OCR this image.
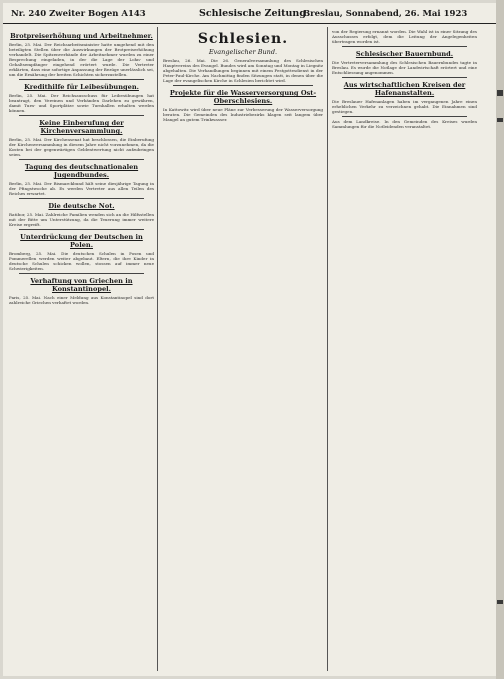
Nr. 240 Zweiter Bogen A143	Schlesische Zeitung
Breslau, Sonnabend, 26. Mai 1923
Brotpreiserhöhung und Arbeitnehmer.
Berlin, 25. Mai. Der Reichsarbeitsminister hatte umgehend mit den beteiligten Stellen über die Auswirkungen der Brotpreiserhöhung verhandelt. Die Spitzenverbände der Arbeitnehmer wurden zu einer Besprechung eingeladen, in der die Lage der Lohn- und Gehaltsempfänger eingehend erörtert wurde. Die Vertreter erklärten, dass eine sofortige Anpassung der Bezüge unerlässlich sei, um die Ernährung der breiten Schichten sicherzustellen.
Kredithilfe für Leibesübungen.
Berlin, 25. Mai. Der Reichsausschuss für Leibesübungen hat beantragt, den Vereinen und Verbänden Darlehen zu gewähren, damit Turn- und Sportplätze sowie Turnhallen erhalten werden können.
Keine Einberufung der Kirchenversammlung.
Berlin, 25. Mai. Der Kirchensenat hat beschlossen, die Einberufung der Kirchenversammlung in diesem Jahre nicht vorzunehmen, da die Kosten bei der gegenwärtigen Geldentwertung nicht aufzubringen seien.
Tagung des deutschnationalen Jugendbundes.
Berlin, 25. Mai. Der Bismarckbund hält seine diesjährige Tagung in der Pfingstwoche ab. Es werden Vertreter aus allen Teilen des Reiches erwartet.
Die deutsche Not.
Ratibor, 25. Mai. Zahlreiche Familien wenden sich an die Hilfsstellen mit der Bitte um Unterstützung, da die Teuerung immer weitere Kreise ergreift.
Unterdrückung der Deutschen in Polen.
Bromberg, 25. Mai. Die deutschen Schulen in Posen und Pommerellen werden weiter abgebaut. Eltern, die ihre Kinder in deutsche Schulen schicken wollen, stossen auf immer neue Schwierigkeiten.
Verhaftung von Griechen in Konstantinopel.
Paris, 25. Mai. Nach einer Meldung aus Konstantinopel sind dort zahlreiche Griechen verhaftet worden.
Schlesien.
Evangelischer Bund.
Breslau, 26. Mai. Die 26. Generalversammlung des Schlesischen Hauptvereins des Evangel. Bundes wird am Sonntag und Montag in Liegnitz abgehalten. Die Verhandlungen beginnen mit einem Festgottesdienst in der Peter-Paul-Kirche. Am Nachmittag finden Sitzungen statt, in denen über die Lage der evangelischen Kirche in Schlesien berichtet wird.
Projekte für die Wasserversorgung Ost-Oberschlesiens.
In Kattowitz wird über neue Pläne zur Verbesserung der Wasserversorgung beraten. Die Gemeinden des Industriebezirks klagen seit langem über Mangel an gutem Trinkwasser.
von der Regierung ernannt worden. Die Wahl ist in einer Sitzung des Ausschusses erfolgt, dem die Leitung der Angelegenheiten übertragen worden ist.
Schlesischer Bauernbund.
Die Vertreterversammlung des Schlesischen Bauernbundes tagte in Breslau. Es wurde die Notlage der Landwirtschaft erörtert und eine Entschliessung angenommen.
Aus wirtschaftlichen Kreisen der Hafenanstalten.
Die Breslauer Hafenanlagen haben im vergangenen Jahre einen erheblichen Verkehr zu verzeichnen gehabt. Die Einnahmen sind gestiegen.
Aus dem Landkreise. In den Gemeinden des Kreises wurden Sammlungen für die Notleidenden veranstaltet.
